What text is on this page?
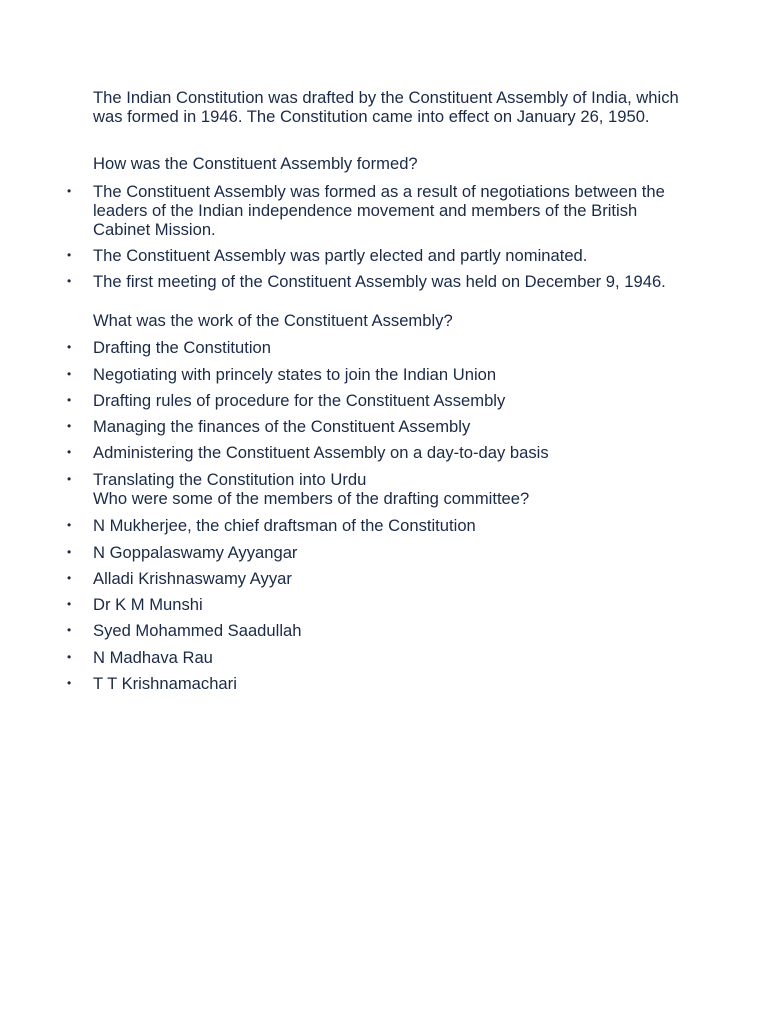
The Indian Constitution was drafted by the Constituent Assembly of India, which was formed in 1946. The Constitution came into effect on January 26, 1950.

How was the Constituent Assembly formed?

• The Constituent Assembly was formed as a result of negotiations between the leaders of the Indian independence movement and members of the British Cabinet Mission.

• The Constituent Assembly was partly elected and partly nominated.

• The first meeting of the Constituent Assembly was held on December 9, 1946.

What was the work of the Constituent Assembly?

• Drafting the Constitution

• Negotiating with princely states to join the Indian Union

• Drafting rules of procedure for the Constituent Assembly

• Managing the finances of the Constituent Assembly

• Administering the Constituent Assembly on a day-to-day basis

• Translating the Constitution into Urdu

Who were some of the members of the drafting committee?

• N Mukherjee, the chief draftsman of the Constitution

• N Goppalaswamy Ayyangar

• Alladi Krishnaswamy Ayyar

• Dr K M Munshi

• Syed Mohammed Saadullah

• N Madhava Rau

• T T Krishnamachari
